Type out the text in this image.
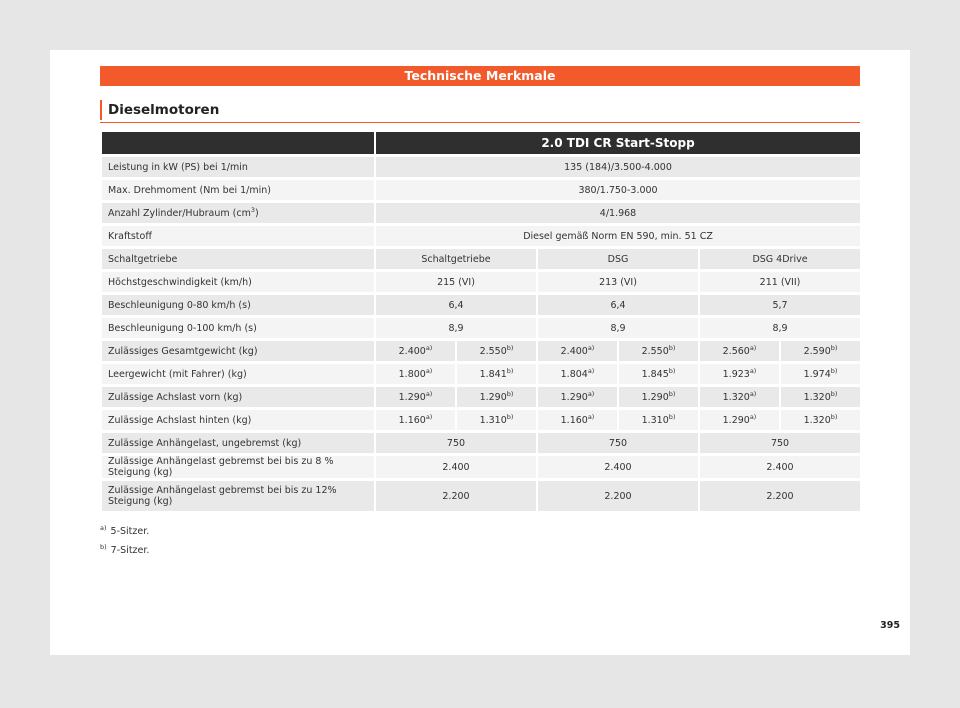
Technische Merkmale
Dieselmotoren
	2.0 TDI CR Start-Stopp					
Leistung in kW (PS) bei 1/min	135 (184)/3.500-4.000					
Max. Drehmoment (Nm bei 1/min)	380/1.750-3.000					
Anzahl Zylinder/Hubraum $(cm^3)$	4/1.968					
Kraftstoff	Diesel gemäß Norm EN 590, min. 51 CZ					
Schaltgetriebe	Schaltgetriebe		DSG		DSG 4Drive	
Höchstgeschwindigkeit (km/h)	215 (VI)		213 (VI)		211 (VII)	
Beschleunigung 0-80 km/h (s)	6,4		6,4		5,7	
Beschleunigung 0-100 km/h (s)	8,9		8,9		8,9	
Zulässiges Gesamtgewicht (kg)	2.400$^{a)}$	2.550$^{b)}$	2.400$^{a)}$	2.550$^{b)}$	2.560$^{a)}$	2.590$^{b)}$
Leergewicht (mit Fahrer) (kg)	1.800$^{a)}$	1.841$^{b)}$	1.804$^{a)}$	1.845$^{b)}$	1.923$^{a)}$	1.974$^{b)}$
Zulässige Achslast vorn (kg)	1.290$^{a)}$	1.290$^{b)}$	1.290$^{a)}$	1.290$^{b)}$	1.320$^{a)}$	1.320$^{b)}$
Zulässige Achslast hinten (kg)	1.160$^{a)}$	1.310$^{b)}$	1.160$^{a)}$	1.310$^{b)}$	1.290$^{a)}$	1.320$^{b)}$
Zulässige Anhängelast, ungebremst (kg)	750		750		750	
Zulässige Anhängelast gebremst bei bis zu 8 % Steigung (kg)	2.400		2.400		2.400	
Zulässige Anhängelast gebremst bei bis zu 12% Steigung (kg)	2.200		2.200		2.200	
$^{a)}$ 5-Sitzer.
$^{b)}$ 7-Sitzer.
395
